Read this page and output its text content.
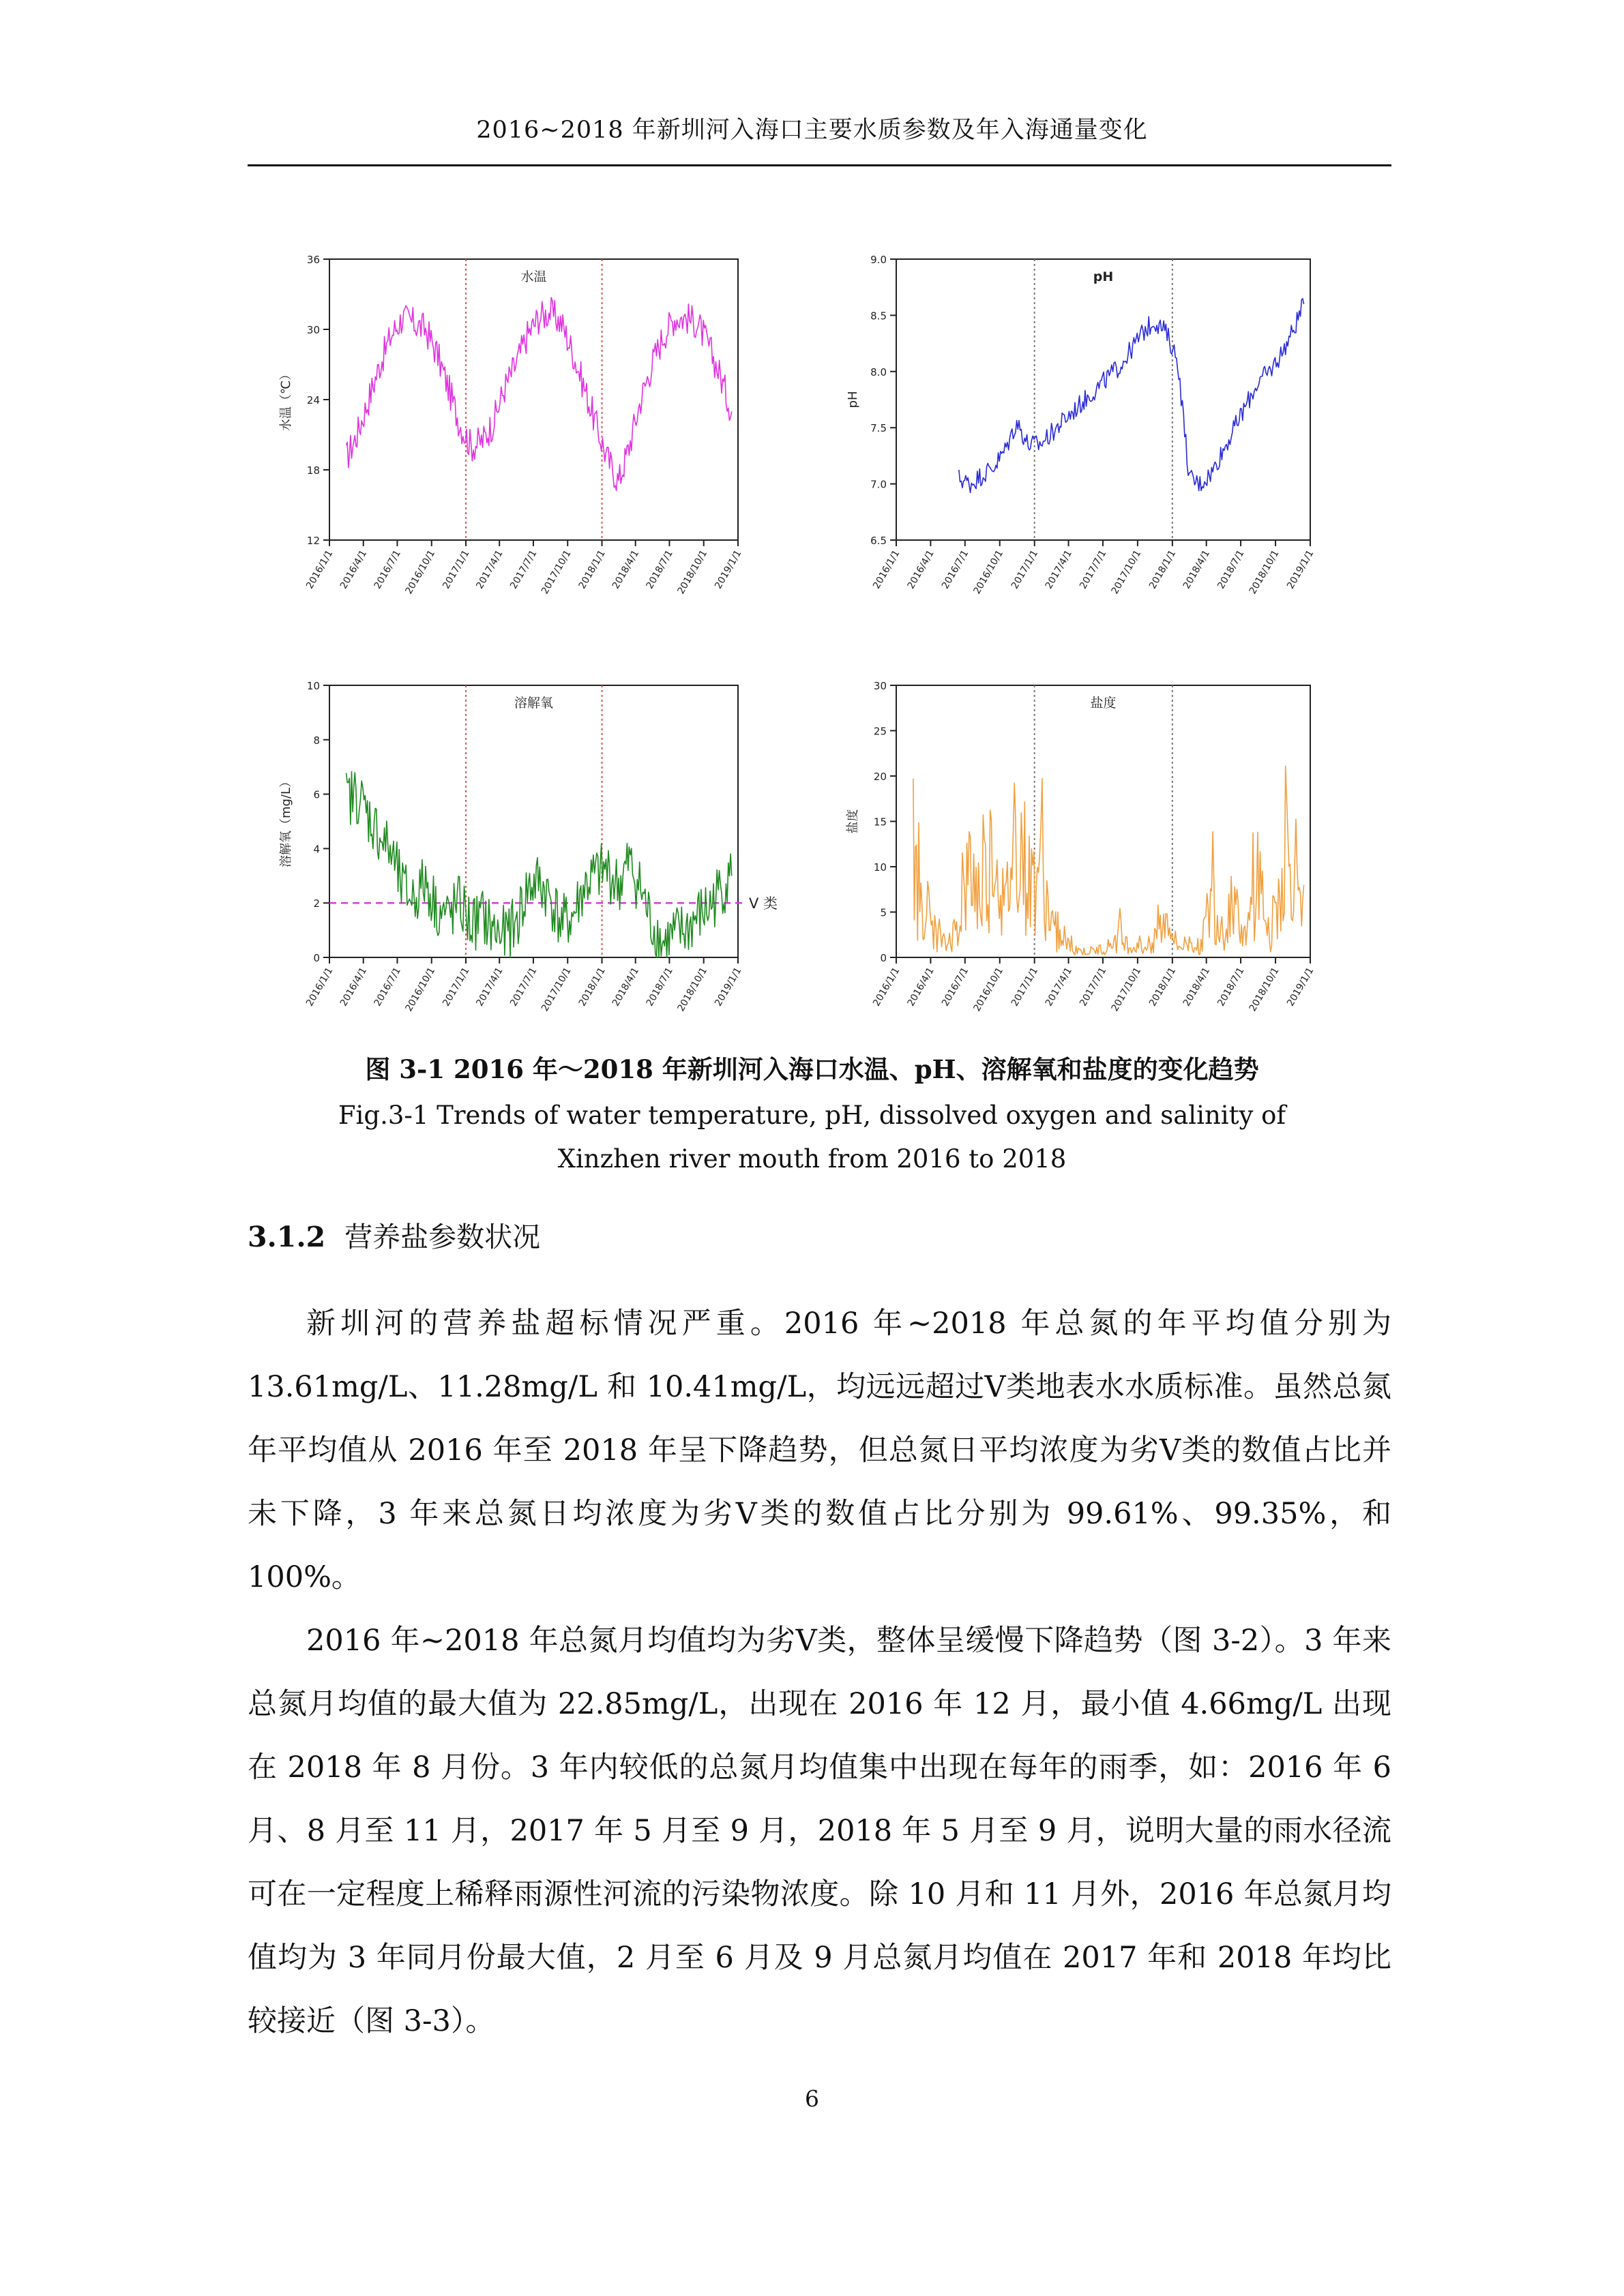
2016~2018 年新圳河入海口主要水质参数及年入海通量变化
12
18
24
30
36
2016/1/1 2016/4/1 2016/7/1 2016/10/1 2017/1/1 2017/4/1 2017/7/1 2017/10/1 2018/1/1 2018/4/1 2018/7/1 2018/10/1 2019/1/1
水温
水温（℃）
6.5
7.0
7.5
8.0
8.5
9.0
2016/1/1 2016/4/1 2016/7/1 2016/10/1 2017/1/1 2017/4/1 2017/7/1 2017/10/1 2018/1/1 2018/4/1 2018/7/1 2018/10/1 2019/1/1
pH
pH
0
2
4
6
8
10
2016/1/1 2016/4/1 2016/7/1 2016/10/1 2017/1/1 2017/4/1 2017/7/1 2017/10/1 2018/1/1 2018/4/1 2018/7/1 2018/10/1 2019/1/1
V 类
溶解氧
溶解氧（mg/L）
0
5
10
15
20
25
30
2016/1/1 2016/4/1 2016/7/1 2016/10/1 2017/1/1 2017/4/1 2017/7/1 2017/10/1 2018/1/1 2018/4/1 2018/7/1 2018/10/1 2019/1/1
盐度
盐度
图 3-1 2016 年～2018 年新圳河入海口水温、pH、溶解氧和盐度的变化趋势
Fig.3-1 Trends of water temperature, pH, dissolved oxygen and salinity of
Xinzhen river mouth from 2016 to 2018
3.1.2 营养盐参数状况

新圳河的营养盐超标情况严重。2016 年~2018 年总氮的年平均值分别为 13.61mg/L、11.28mg/L 和 10.41mg/L，均远远超过Ⅴ类地表水水质标准。虽然总氮年平均值从 2016 年至 2018 年呈下降趋势，但总氮日平均浓度为劣Ⅴ类的数值占比并未下降，3 年来总氮日均浓度为劣Ⅴ类的数值占比分别为 99.61%、99.35%，和 100%。

2016 年~2018 年总氮月均值均为劣Ⅴ类，整体呈缓慢下降趋势（图 3-2）。3 年来总氮月均值的最大值为 22.85mg/L，出现在 2016 年 12 月，最小值 4.66mg/L 出现在 2018 年 8 月份。3 年内较低的总氮月均值集中出现在每年的雨季，如：2016 年 6 月、8 月至 11 月，2017 年 5 月至 9 月，2018 年 5 月至 9 月，说明大量的雨水径流可在一定程度上稀释雨源性河流的污染物浓度。除 10 月和 11 月外，2016 年总氮月均值均为 3 年同月份最大值，2 月至 6 月及 9 月总氮月均值在 2017 年和 2018 年均比较接近（图 3-3）。

6
